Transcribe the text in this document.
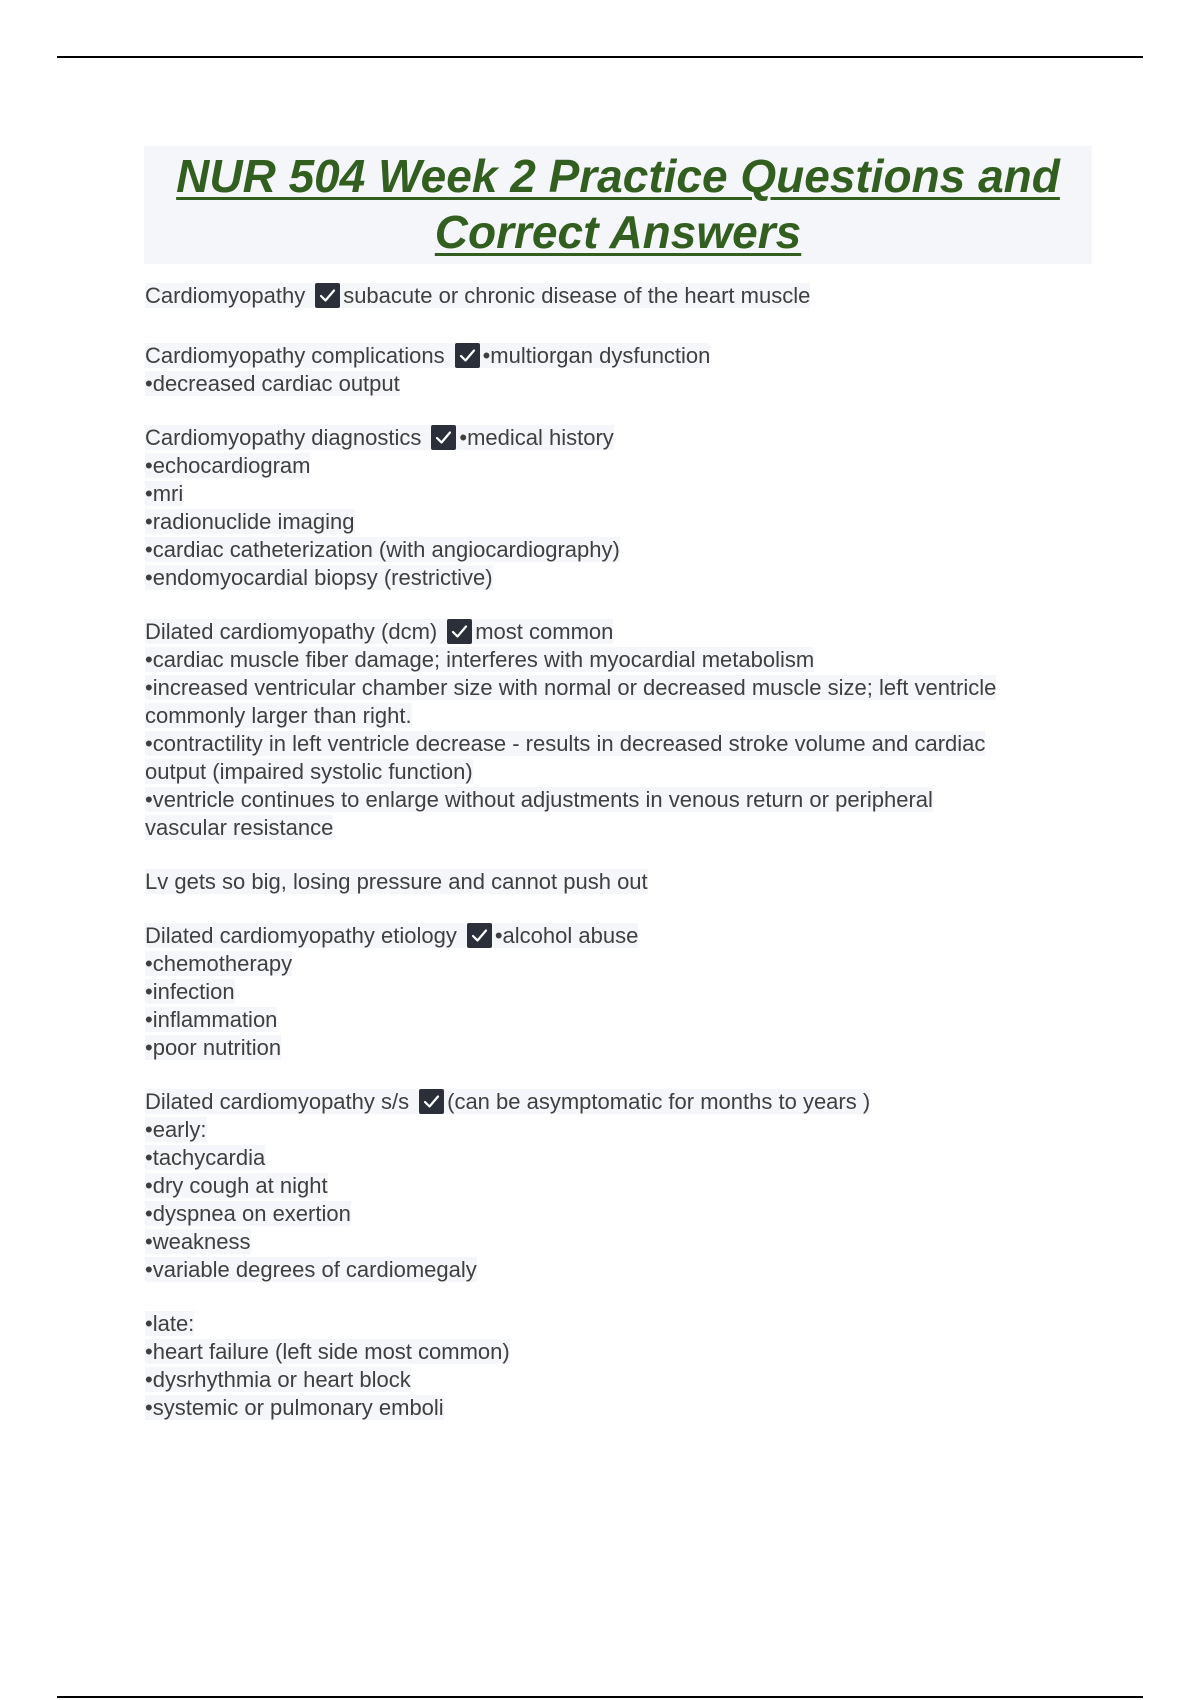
NUR 504 Week 2 Practice Questions and
Correct Answers
Cardiomyopathy subacute or chronic disease of the heart muscle
Cardiomyopathy complications •multiorgan dysfunction
•decreased cardiac output
Cardiomyopathy diagnostics •medical history
•echocardiogram
•mri
•radionuclide imaging
•cardiac catheterization (with angiocardiography)
•endomyocardial biopsy (restrictive)
Dilated cardiomyopathy (dcm) most common
•cardiac muscle fiber damage; interferes with myocardial metabolism
•increased ventricular chamber size with normal or decreased muscle size; left ventricle
commonly larger than right.
•contractility in left ventricle decrease - results in decreased stroke volume and cardiac
output (impaired systolic function)
•ventricle continues to enlarge without adjustments in venous return or peripheral
vascular resistance
Lv gets so big, losing pressure and cannot push out
Dilated cardiomyopathy etiology •alcohol abuse
•chemotherapy
•infection
•inflammation
•poor nutrition
Dilated cardiomyopathy s/s (can be asymptomatic for months to years )
•early:
•tachycardia
•dry cough at night
•dyspnea on exertion
•weakness
•variable degrees of cardiomegaly
•late:
•heart failure (left side most common)
•dysrhythmia or heart block
•systemic or pulmonary emboli
